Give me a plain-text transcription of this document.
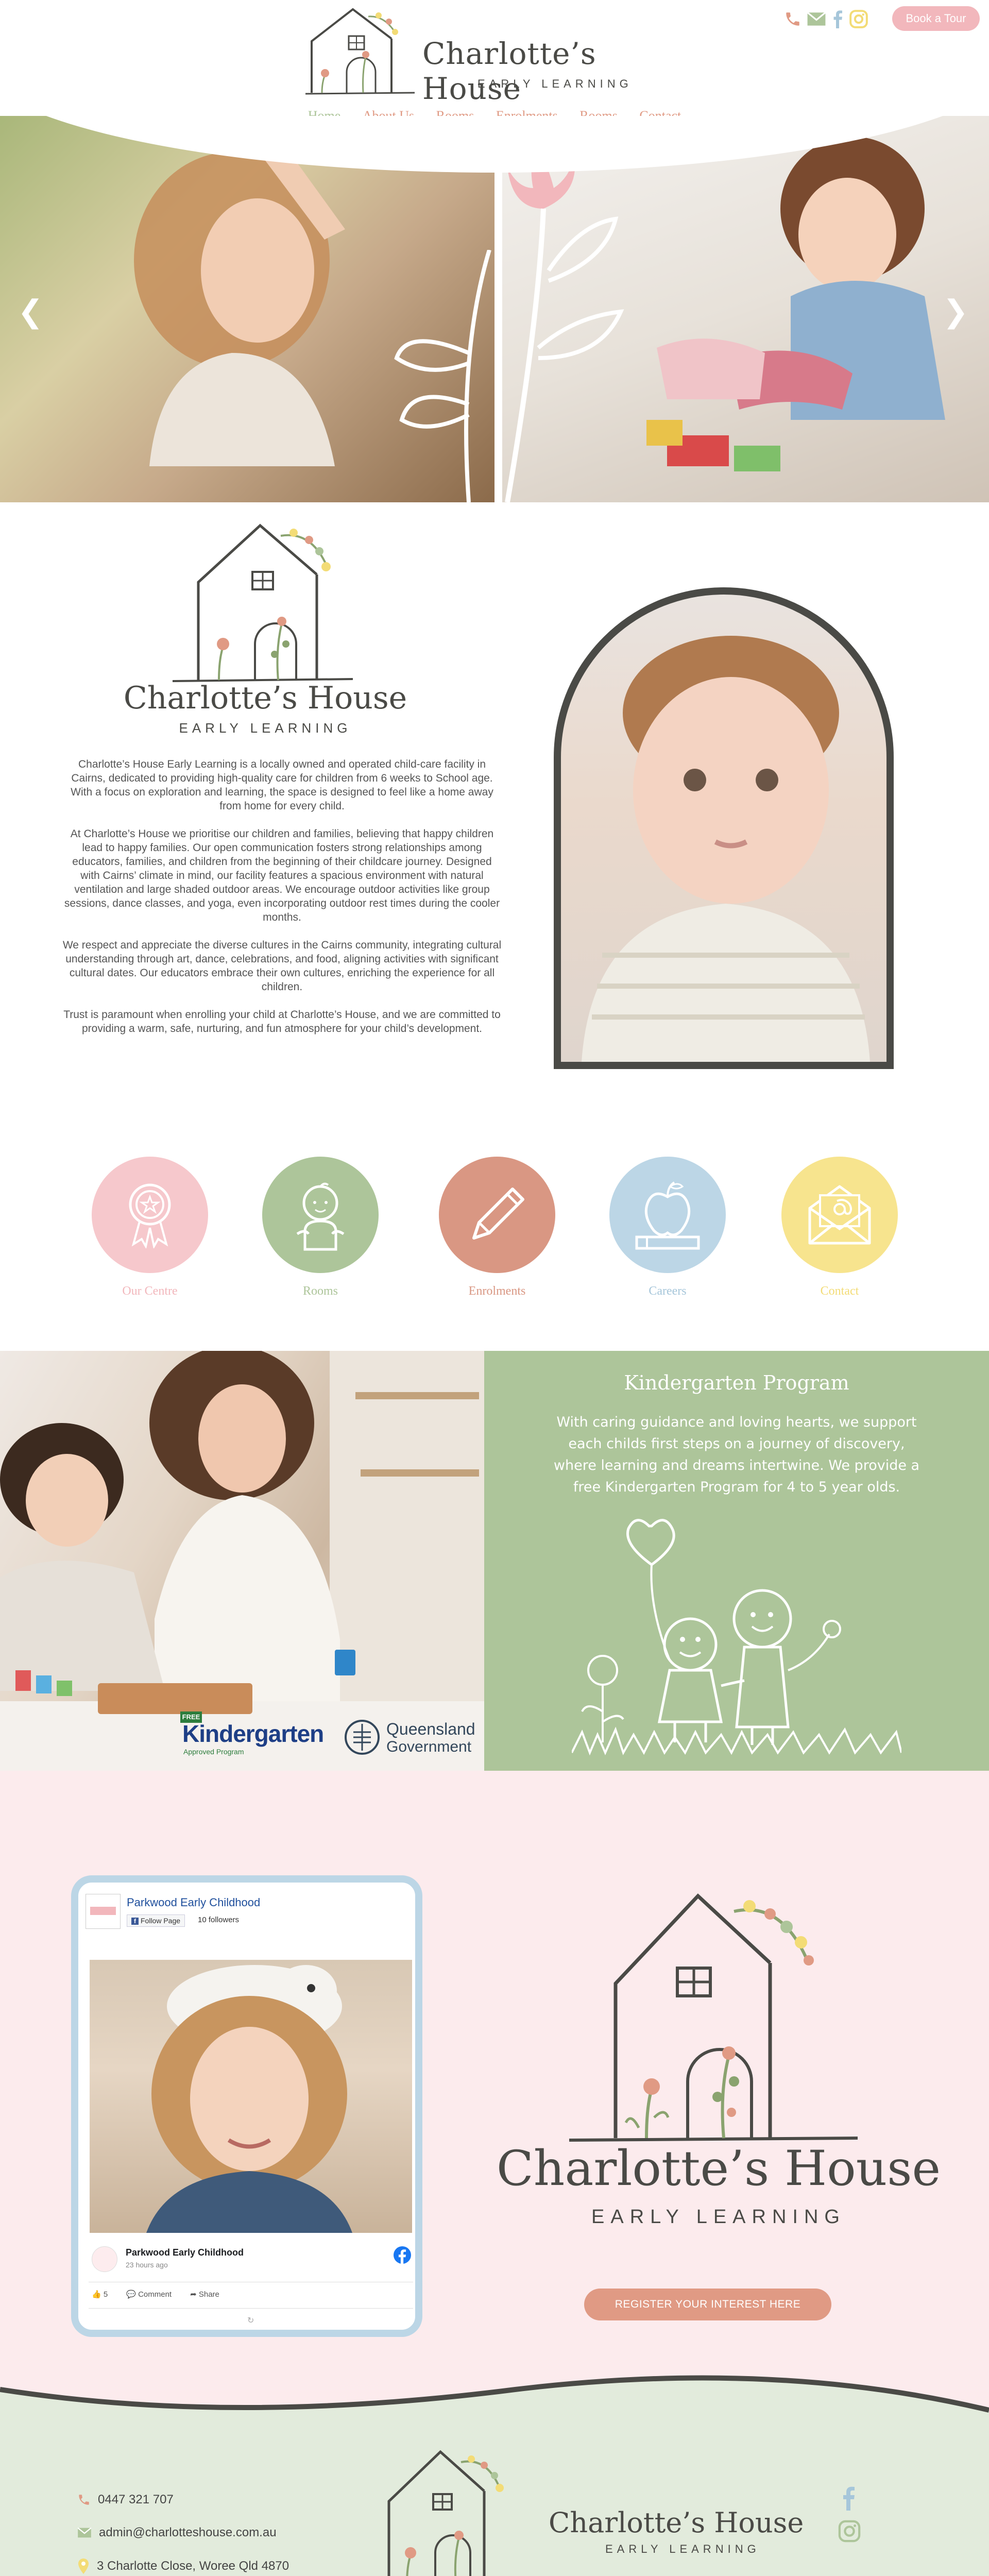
Charlotte’s House
EARLY LEARNING
Book a Tour

❮	❯
Charlotte’s House
EARLY LEARNING

Charlotte’s House Early Learning is a locally owned and operated child-care facility in Cairns, dedicated to providing high-quality care for children from 6 weeks to School age. With a focus on exploration and learning, the space is designed to feel like a home away from home for every child.

At Charlotte’s House we prioritise our children and families, believing that happy children lead to happy families. Our open communication fosters strong relationships among educators, families, and children from the beginning of their childcare journey. Designed with Cairns’ climate in mind, our facility features a spacious environment with natural ventilation and large shaded outdoor areas. We encourage outdoor activities like group sessions, dance classes, and yoga, even incorporating outdoor rest times during the cooler months.

We respect and appreciate the diverse cultures in the Cairns community, integrating cultural understanding through art, dance, celebrations, and food, aligning activities with significant cultural dates. Our educators embrace their own cultures, enriching the experience for all children.

Trust is paramount when enrolling your child at Charlotte’s House, and we are committed to providing a warm, safe, nurturing, and fun atmosphere for your child’s development.

Our Centre	Rooms	Enrolments	Careers	Contact
FREE
Kindergarten
Approved Program
Queensland
Government
Kindergarten Program
With caring guidance and loving hearts, we support each childs first steps on a journey of discovery, where learning and dreams intertwine. We provide a free Kindergarten Program for 4 to 5 year olds.
Parkwood Early Childhood
f Follow Page	10 followers
Parkwood Early Childhood
23 hours ago
👍 5 💬 Comment ➦ Share
↻
Charlotte’s House
EARLY LEARNING
REGISTER YOUR INTEREST HERE
0447 321 707
admin@charlotteshouse.com.au
3 Charlotte Close, Woree Qld 4870
Charlotte’s House
EARLY LEARNING
